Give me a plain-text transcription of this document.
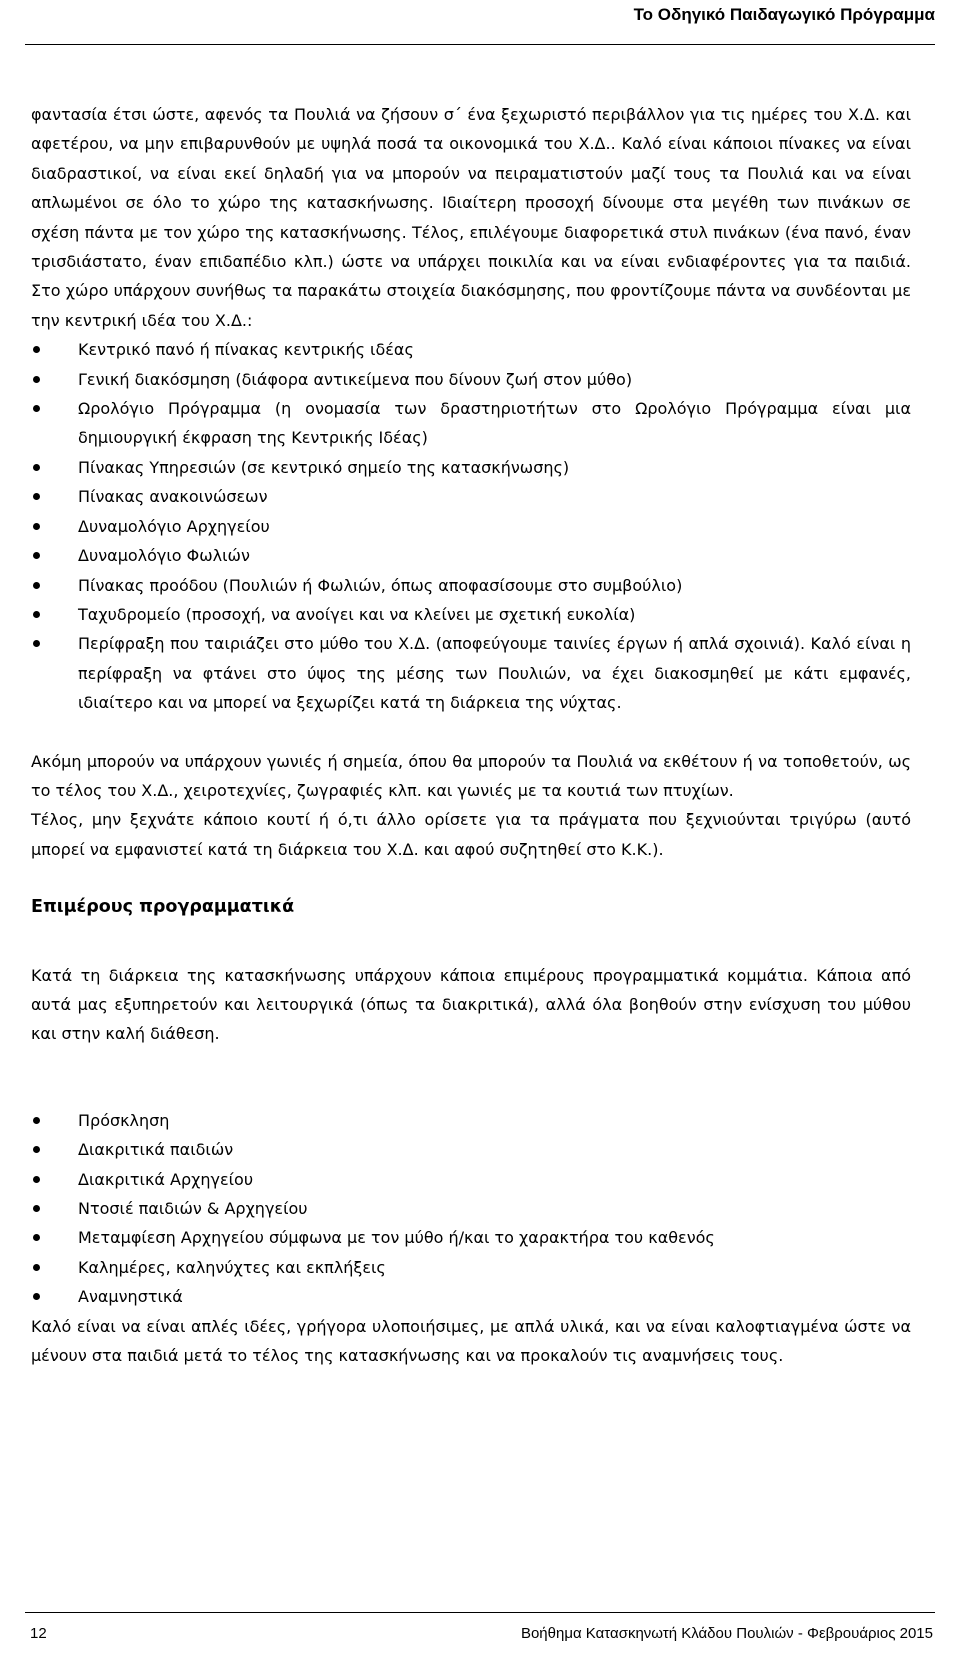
Το Οδηγικό Παιδαγωγικό Πρόγραμμα

φαντασία έτσι ώστε, αφενός τα Πουλιά να ζήσουν σ΄ ένα ξεχωριστό περιβάλλον για τις ημέρες του Χ.Δ. και αφετέρου, να μην επιβαρυνθούν με υψηλά ποσά τα οικονομικά του Χ.Δ.. Καλό είναι κάποιοι πίνακες να είναι διαδραστικοί, να είναι εκεί δηλαδή για να μπορούν να πειραματιστούν μαζί τους τα Πουλιά και να είναι απλωμένοι σε όλο το χώρο της κατασκήνωσης. Ιδιαίτερη προσοχή δίνουμε στα μεγέθη των πινάκων σε σχέση πάντα με τον χώρο της κατασκήνωσης. Τέλος, επιλέγουμε διαφορετικά στυλ πινάκων (ένα πανό, έναν τρισδιάστατο, έναν επιδαπέδιο κλπ.) ώστε να υπάρχει ποικιλία και να είναι ενδιαφέροντες για τα παιδιά. Στο χώρο υπάρχουν συνήθως τα παρακάτω στοιχεία διακόσμησης, που φροντίζουμε πάντα να συνδέονται με την κεντρική ιδέα του Χ.Δ.:

Κεντρικό πανό ή πίνακας κεντρικής ιδέας
Γενική διακόσμηση (διάφορα αντικείμενα που δίνουν ζωή στον μύθο)
Ωρολόγιο Πρόγραμμα (η ονομασία των δραστηριοτήτων στο Ωρολόγιο Πρόγραμμα είναι μια δημιουργική έκφραση της Κεντρικής Ιδέας)
Πίνακας Υπηρεσιών (σε κεντρικό σημείο της κατασκήνωσης)
Πίνακας ανακοινώσεων
Δυναμολόγιο Αρχηγείου
Δυναμολόγιο Φωλιών
Πίνακας προόδου (Πουλιών ή Φωλιών, όπως αποφασίσουμε στο συμβούλιο)
Ταχυδρομείο (προσοχή, να ανοίγει και να κλείνει με σχετική ευκολία)
Περίφραξη που ταιριάζει στο μύθο του Χ.Δ. (αποφεύγουμε ταινίες έργων ή απλά σχοινιά). Καλό είναι η περίφραξη να φτάνει στο ύψος της μέσης των Πουλιών, να έχει διακοσμηθεί με κάτι εμφανές, ιδιαίτερο και να μπορεί να ξεχωρίζει κατά τη διάρκεια της νύχτας.

Ακόμη μπορούν να υπάρχουν γωνιές ή σημεία, όπου θα μπορούν τα Πουλιά να εκθέτουν ή να τοποθετούν, ως το τέλος του Χ.Δ., χειροτεχνίες, ζωγραφιές κλπ. και γωνιές με τα κουτιά των πτυχίων.

Τέλος, μην ξεχνάτε κάποιο κουτί ή ό,τι άλλο ορίσετε για τα πράγματα που ξεχνιούνται τριγύρω (αυτό μπορεί να εμφανιστεί κατά τη διάρκεια του Χ.Δ. και αφού συζητηθεί στο Κ.Κ.).

Επιμέρους προγραμματικά

Κατά τη διάρκεια της κατασκήνωσης υπάρχουν κάποια επιμέρους προγραμματικά κομμάτια. Κάποια από αυτά μας εξυπηρετούν και λειτουργικά (όπως τα διακριτικά), αλλά όλα βοηθούν στην ενίσχυση του μύθου και στην καλή διάθεση.

Πρόσκληση
Διακριτικά παιδιών
Διακριτικά Αρχηγείου
Ντοσιέ παιδιών & Αρχηγείου
Μεταμφίεση Αρχηγείου σύμφωνα με τον μύθο ή/και το χαρακτήρα του καθενός
Καλημέρες, καληνύχτες και εκπλήξεις
Αναμνηστικά

Καλό είναι να είναι απλές ιδέες, γρήγορα υλοποιήσιμες, με απλά υλικά, και να είναι καλοφτιαγμένα ώστε να μένουν στα παιδιά μετά το τέλος της κατασκήνωσης και να προκαλούν τις αναμνήσεις τους.

12	Βοήθημα Κατασκηνωτή Κλάδου Πουλιών - Φεβρουάριος 2015
